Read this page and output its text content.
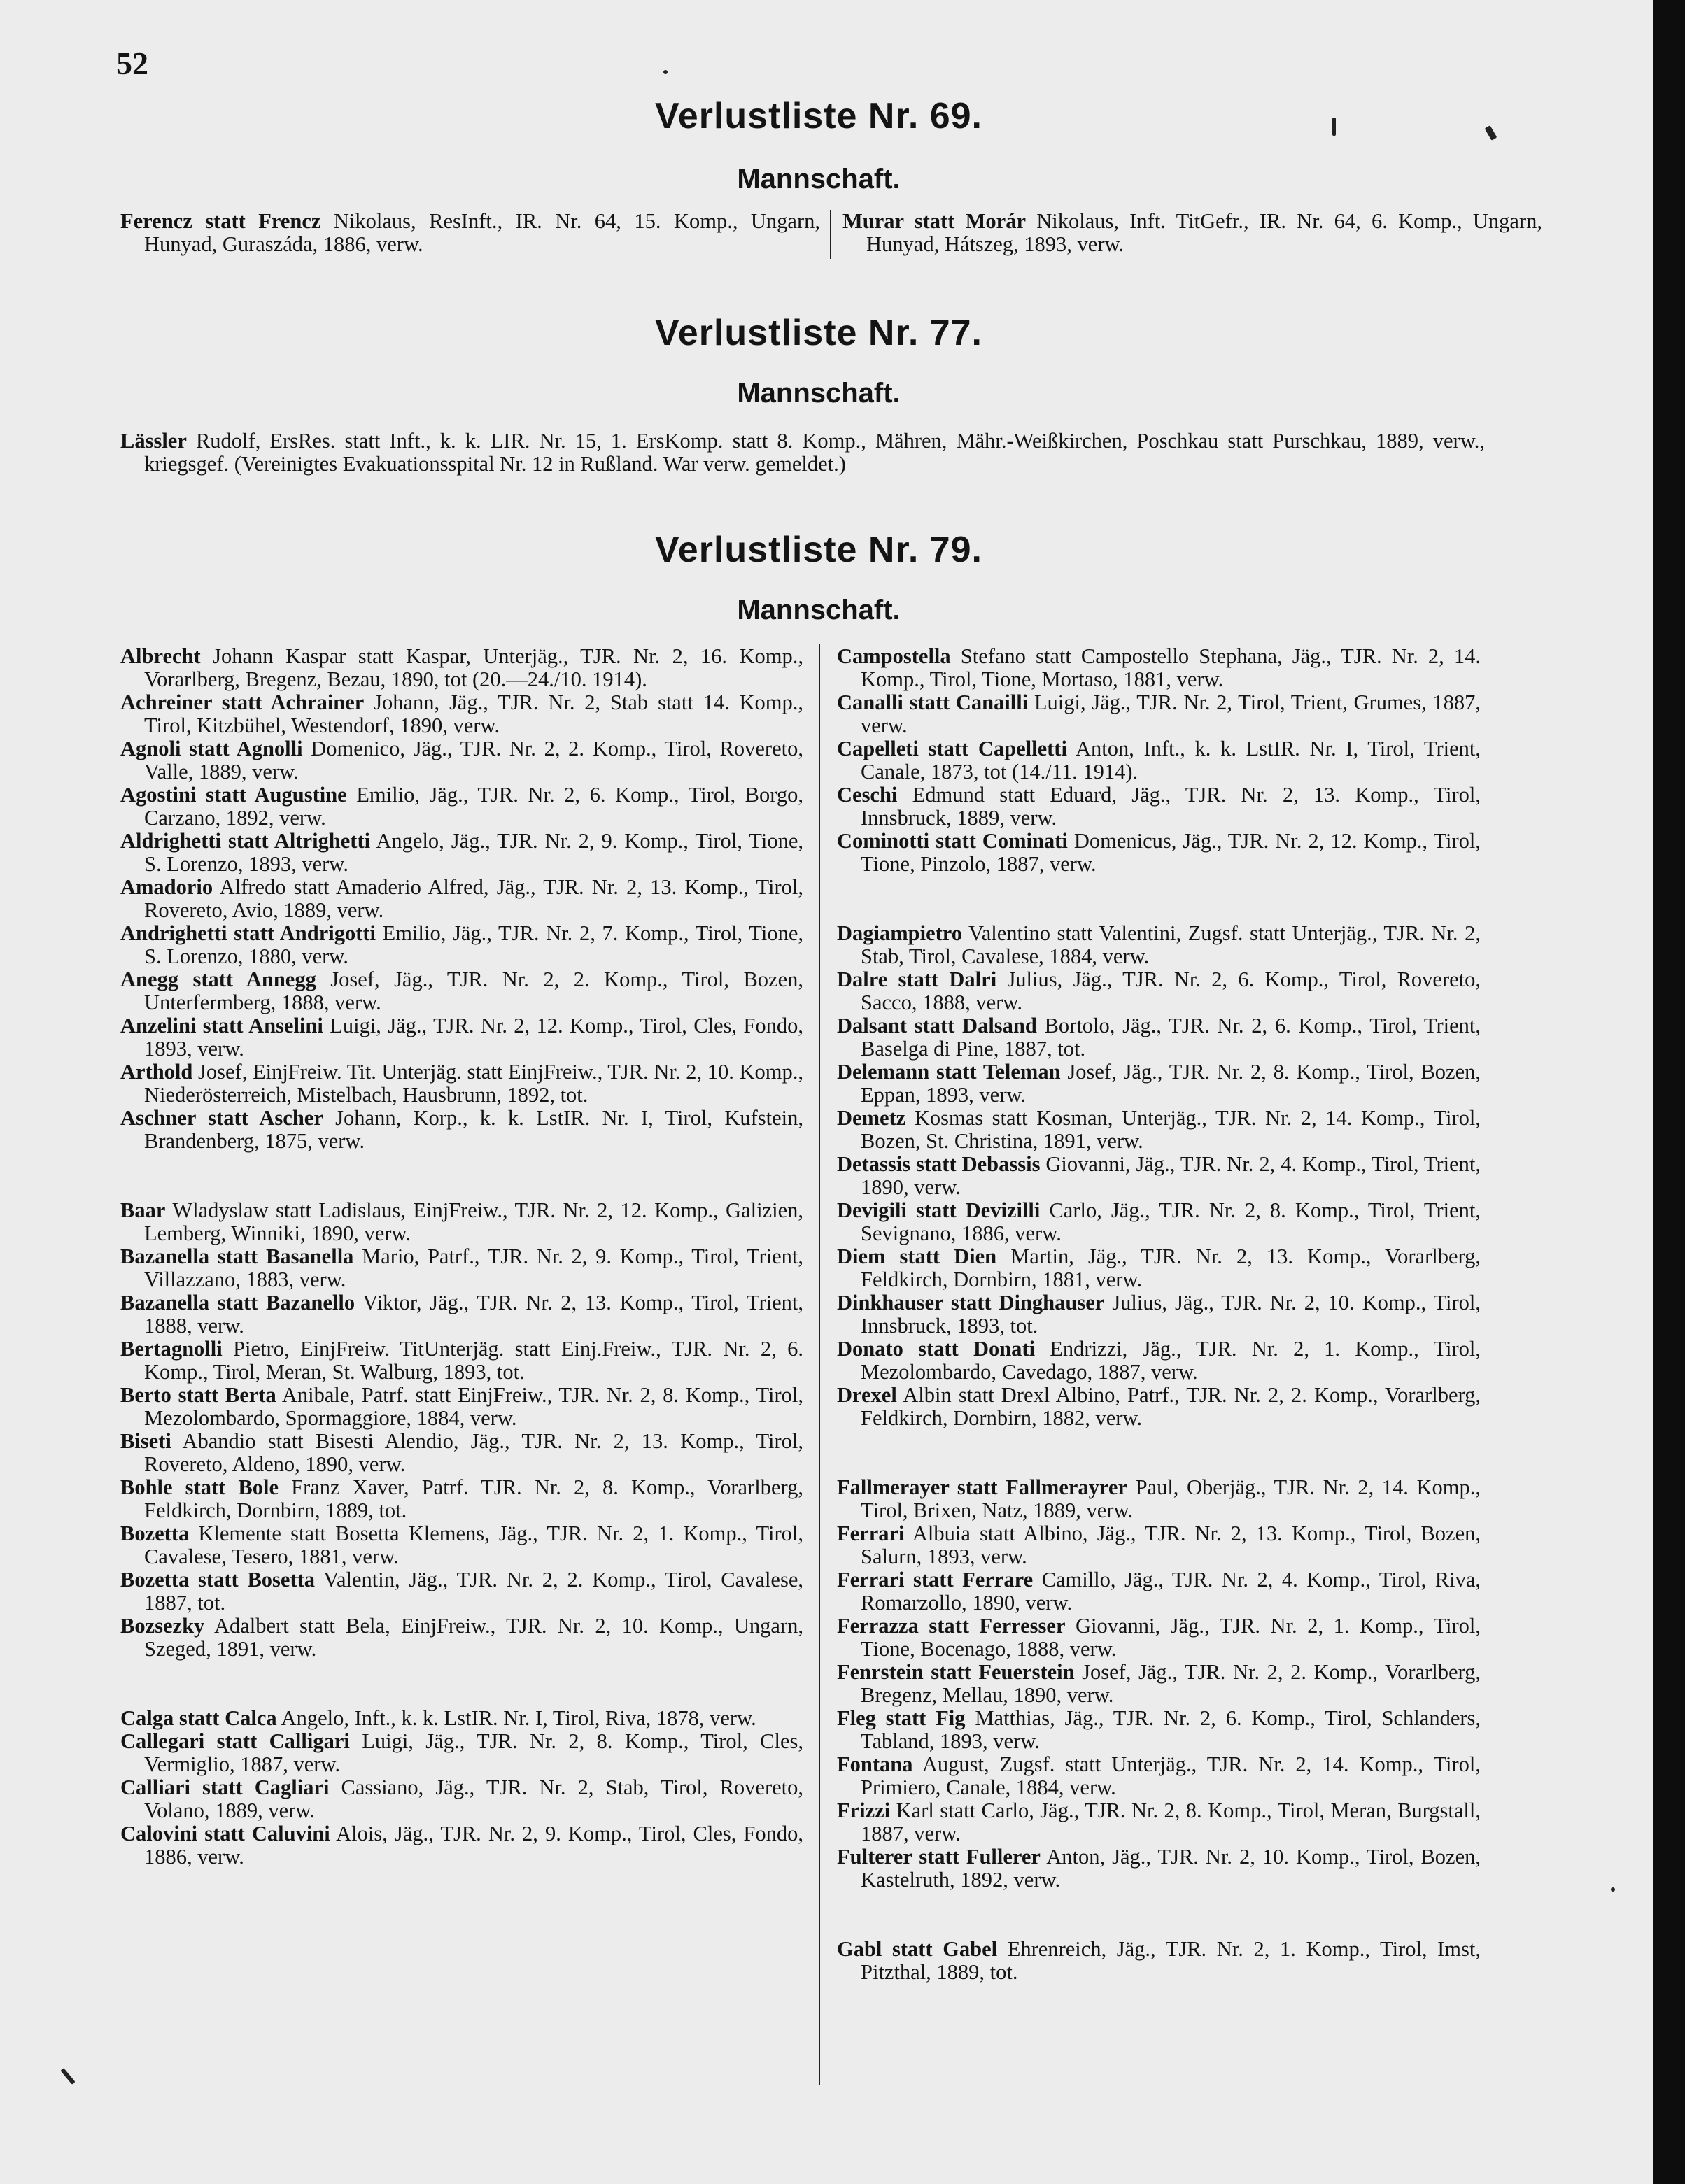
52
Verlustliste Nr. 69.
Mannschaft.

Ferencz statt Frencz Nikolaus, ResInft., IR. Nr. 64, 15. Komp., Ungarn, Hunyad, Guraszáda, 1886, verw.

Murar statt Morár Nikolaus, Inft. TitGefr., IR. Nr. 64, 6. Komp., Ungarn, Hunyad, Hátszeg, 1893, verw.

Verlustliste Nr. 77.
Mannschaft.

Lässler Rudolf, ErsRes. statt Inft., k. k. LIR. Nr. 15, 1. ErsKomp. statt 8. Komp., Mähren, Mähr.-Weißkirchen, Poschkau statt Purschkau, 1889, verw., kriegsgef. (Vereinigtes Evakuationsspital Nr. 12 in Rußland. War verw. gemeldet.)

Verlustliste Nr. 79.
Mannschaft.

Albrecht Johann Kaspar statt Kaspar, Unterjäg., TJR. Nr. 2, 16. Komp., Vorarlberg, Bregenz, Bezau, 1890, tot (20.—24./10. 1914).

Achreiner statt Achrainer Johann, Jäg., TJR. Nr. 2, Stab statt 14. Komp., Tirol, Kitzbühel, Westendorf, 1890, verw.

Agnoli statt Agnolli Domenico, Jäg., TJR. Nr. 2, 2. Komp., Tirol, Rovereto, Valle, 1889, verw.

Agostini statt Augustine Emilio, Jäg., TJR. Nr. 2, 6. Komp., Tirol, Borgo, Carzano, 1892, verw.

Aldrighetti statt Altrighetti Angelo, Jäg., TJR. Nr. 2, 9. Komp., Tirol, Tione, S. Lorenzo, 1893, verw.

Amadorio Alfredo statt Amaderio Alfred, Jäg., TJR. Nr. 2, 13. Komp., Tirol, Rovereto, Avio, 1889, verw.

Andrighetti statt Andrigotti Emilio, Jäg., TJR. Nr. 2, 7. Komp., Tirol, Tione, S. Lorenzo, 1880, verw.

Anegg statt Annegg Josef, Jäg., TJR. Nr. 2, 2. Komp., Tirol, Bozen, Unterfermberg, 1888, verw.

Anzelini statt Anselini Luigi, Jäg., TJR. Nr. 2, 12. Komp., Tirol, Cles, Fondo, 1893, verw.

Arthold Josef, EinjFreiw. Tit. Unterjäg. statt EinjFreiw., TJR. Nr. 2, 10. Komp., Niederösterreich, Mistelbach, Hausbrunn, 1892, tot.

Aschner statt Ascher Johann, Korp., k. k. LstIR. Nr. I, Tirol, Kufstein, Brandenberg, 1875, verw.

Baar Wladyslaw statt Ladislaus, EinjFreiw., TJR. Nr. 2, 12. Komp., Galizien, Lemberg, Winniki, 1890, verw.

Bazanella statt Basanella Mario, Patrf., TJR. Nr. 2, 9. Komp., Tirol, Trient, Villazzano, 1883, verw.

Bazanella statt Bazanello Viktor, Jäg., TJR. Nr. 2, 13. Komp., Tirol, Trient, 1888, verw.

Bertagnolli Pietro, EinjFreiw. TitUnterjäg. statt Einj.Freiw., TJR. Nr. 2, 6. Komp., Tirol, Meran, St. Walburg, 1893, tot.

Berto statt Berta Anibale, Patrf. statt EinjFreiw., TJR. Nr. 2, 8. Komp., Tirol, Mezolombardo, Spormaggiore, 1884, verw.

Biseti Abandio statt Bisesti Alendio, Jäg., TJR. Nr. 2, 13. Komp., Tirol, Rovereto, Aldeno, 1890, verw.

Bohle statt Bole Franz Xaver, Patrf. TJR. Nr. 2, 8. Komp., Vorarlberg, Feldkirch, Dornbirn, 1889, tot.

Bozetta Klemente statt Bosetta Klemens, Jäg., TJR. Nr. 2, 1. Komp., Tirol, Cavalese, Tesero, 1881, verw.

Bozetta statt Bosetta Valentin, Jäg., TJR. Nr. 2, 2. Komp., Tirol, Cavalese, 1887, tot.

Bozsezky Adalbert statt Bela, EinjFreiw., TJR. Nr. 2, 10. Komp., Ungarn, Szeged, 1891, verw.

Calga statt Calca Angelo, Inft., k. k. LstIR. Nr. I, Tirol, Riva, 1878, verw.

Callegari statt Calligari Luigi, Jäg., TJR. Nr. 2, 8. Komp., Tirol, Cles, Vermiglio, 1887, verw.

Calliari statt Cagliari Cassiano, Jäg., TJR. Nr. 2, Stab, Tirol, Rovereto, Volano, 1889, verw.

Calovini statt Caluvini Alois, Jäg., TJR. Nr. 2, 9. Komp., Tirol, Cles, Fondo, 1886, verw.

Campostella Stefano statt Campostello Stephana, Jäg., TJR. Nr. 2, 14. Komp., Tirol, Tione, Mortaso, 1881, verw.

Canalli statt Canailli Luigi, Jäg., TJR. Nr. 2, Tirol, Trient, Grumes, 1887, verw.

Capelleti statt Capelletti Anton, Inft., k. k. LstIR. Nr. I, Tirol, Trient, Canale, 1873, tot (14./11. 1914).

Ceschi Edmund statt Eduard, Jäg., TJR. Nr. 2, 13. Komp., Tirol, Innsbruck, 1889, verw.

Cominotti statt Cominati Domenicus, Jäg., TJR. Nr. 2, 12. Komp., Tirol, Tione, Pinzolo, 1887, verw.

Dagiampietro Valentino statt Valentini, Zugsf. statt Unterjäg., TJR. Nr. 2, Stab, Tirol, Cavalese, 1884, verw.

Dalre statt Dalri Julius, Jäg., TJR. Nr. 2, 6. Komp., Tirol, Rovereto, Sacco, 1888, verw.

Dalsant statt Dalsand Bortolo, Jäg., TJR. Nr. 2, 6. Komp., Tirol, Trient, Baselga di Pine, 1887, tot.

Delemann statt Teleman Josef, Jäg., TJR. Nr. 2, 8. Komp., Tirol, Bozen, Eppan, 1893, verw.

Demetz Kosmas statt Kosman, Unterjäg., TJR. Nr. 2, 14. Komp., Tirol, Bozen, St. Christina, 1891, verw.

Detassis statt Debassis Giovanni, Jäg., TJR. Nr. 2, 4. Komp., Tirol, Trient, 1890, verw.

Devigili statt Devizilli Carlo, Jäg., TJR. Nr. 2, 8. Komp., Tirol, Trient, Sevignano, 1886, verw.

Diem statt Dien Martin, Jäg., TJR. Nr. 2, 13. Komp., Vorarlberg, Feldkirch, Dornbirn, 1881, verw.

Dinkhauser statt Dinghauser Julius, Jäg., TJR. Nr. 2, 10. Komp., Tirol, Innsbruck, 1893, tot.

Donato statt Donati Endrizzi, Jäg., TJR. Nr. 2, 1. Komp., Tirol, Mezolombardo, Cavedago, 1887, verw.

Drexel Albin statt Drexl Albino, Patrf., TJR. Nr. 2, 2. Komp., Vorarlberg, Feldkirch, Dornbirn, 1882, verw.

Fallmerayer statt Fallmerayrer Paul, Oberjäg., TJR. Nr. 2, 14. Komp., Tirol, Brixen, Natz, 1889, verw.

Ferrari Albuia statt Albino, Jäg., TJR. Nr. 2, 13. Komp., Tirol, Bozen, Salurn, 1893, verw.

Ferrari statt Ferrare Camillo, Jäg., TJR. Nr. 2, 4. Komp., Tirol, Riva, Romarzollo, 1890, verw.

Ferrazza statt Ferresser Giovanni, Jäg., TJR. Nr. 2, 1. Komp., Tirol, Tione, Bocenago, 1888, verw.

Fenrstein statt Feuerstein Josef, Jäg., TJR. Nr. 2, 2. Komp., Vorarlberg, Bregenz, Mellau, 1890, verw.

Fleg statt Fig Matthias, Jäg., TJR. Nr. 2, 6. Komp., Tirol, Schlanders, Tabland, 1893, verw.

Fontana August, Zugsf. statt Unterjäg., TJR. Nr. 2, 14. Komp., Tirol, Primiero, Canale, 1884, verw.

Frizzi Karl statt Carlo, Jäg., TJR. Nr. 2, 8. Komp., Tirol, Meran, Burgstall, 1887, verw.

Fulterer statt Fullerer Anton, Jäg., TJR. Nr. 2, 10. Komp., Tirol, Bozen, Kastelruth, 1892, verw.

Gabl statt Gabel Ehrenreich, Jäg., TJR. Nr. 2, 1. Komp., Tirol, Imst, Pitzthal, 1889, tot.
